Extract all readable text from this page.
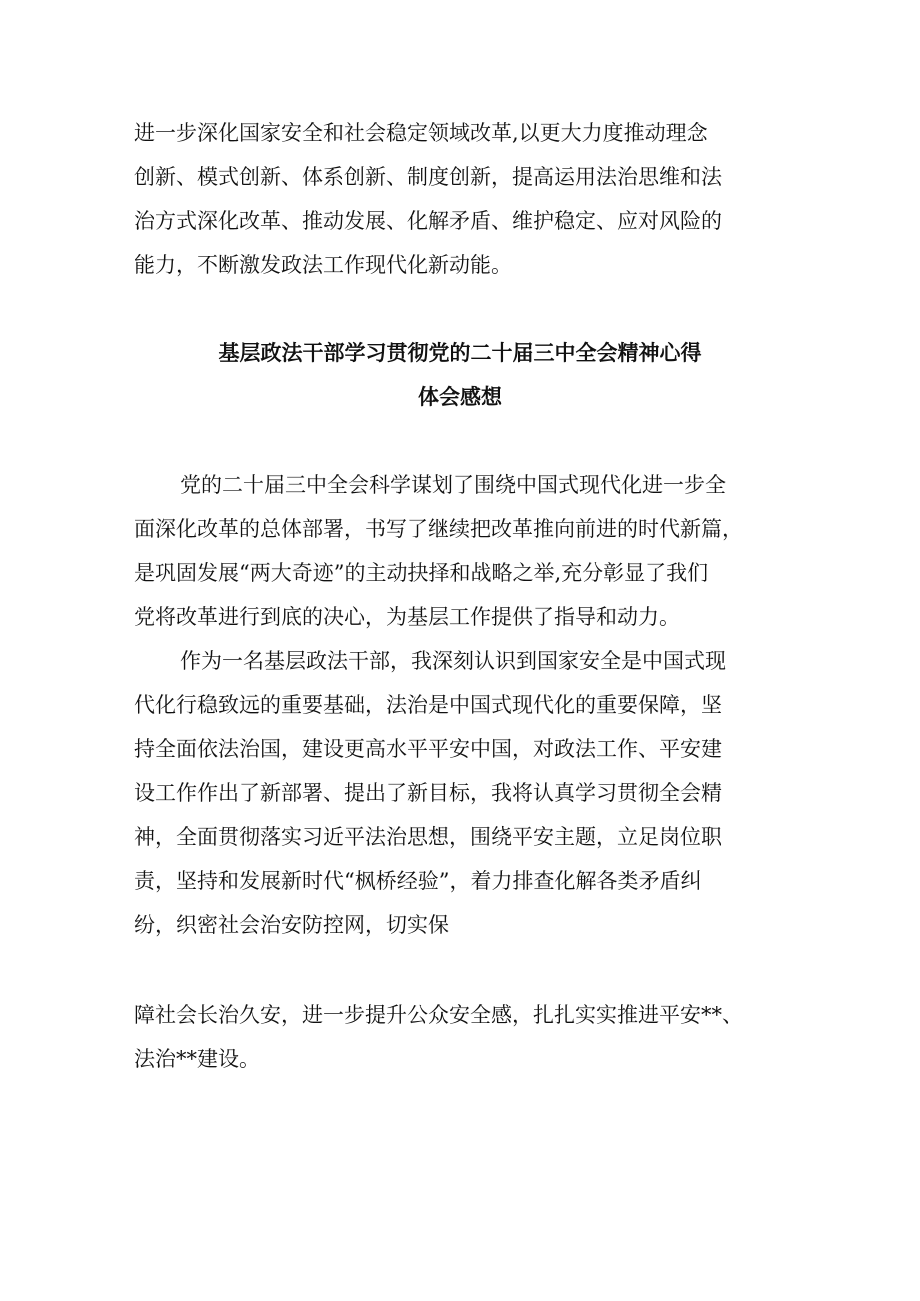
进一步深化国家安全和社会稳定领域改革,以更大力度推动理念

创新、模式创新、体系创新、制度创新，提高运用法治思维和法

治方式深化改革、推动发展、化解矛盾、维护稳定、应对风险的

能力，不断激发政法工作现代化新动能。

基层政法干部学习贯彻党的二十届三中全会精神心得
体会感想

党的二十届三中全会科学谋划了围绕中国式现代化进一步全

面深化改革的总体部署，书写了继续把改革推向前进的时代新篇，

是巩固发展“两大奇迹”的主动抉择和战略之举,充分彰显了我们

党将改革进行到底的决心，为基层工作提供了指导和动力。

作为一名基层政法干部，我深刻认识到国家安全是中国式现

代化行稳致远的重要基础，法治是中国式现代化的重要保障，坚

持全面依法治国，建设更高水平平安中国，对政法工作、平安建

设工作作出了新部署、提出了新目标，我将认真学习贯彻全会精

神，全面贯彻落实习近平法治思想，围绕平安主题，立足岗位职

责，坚持和发展新时代“枫桥经验”，着力排查化解各类矛盾纠

纷，织密社会治安防控网，切实保

障社会长治久安，进一步提升公众安全感，扎扎实实推进平安**、

法治**建设。
